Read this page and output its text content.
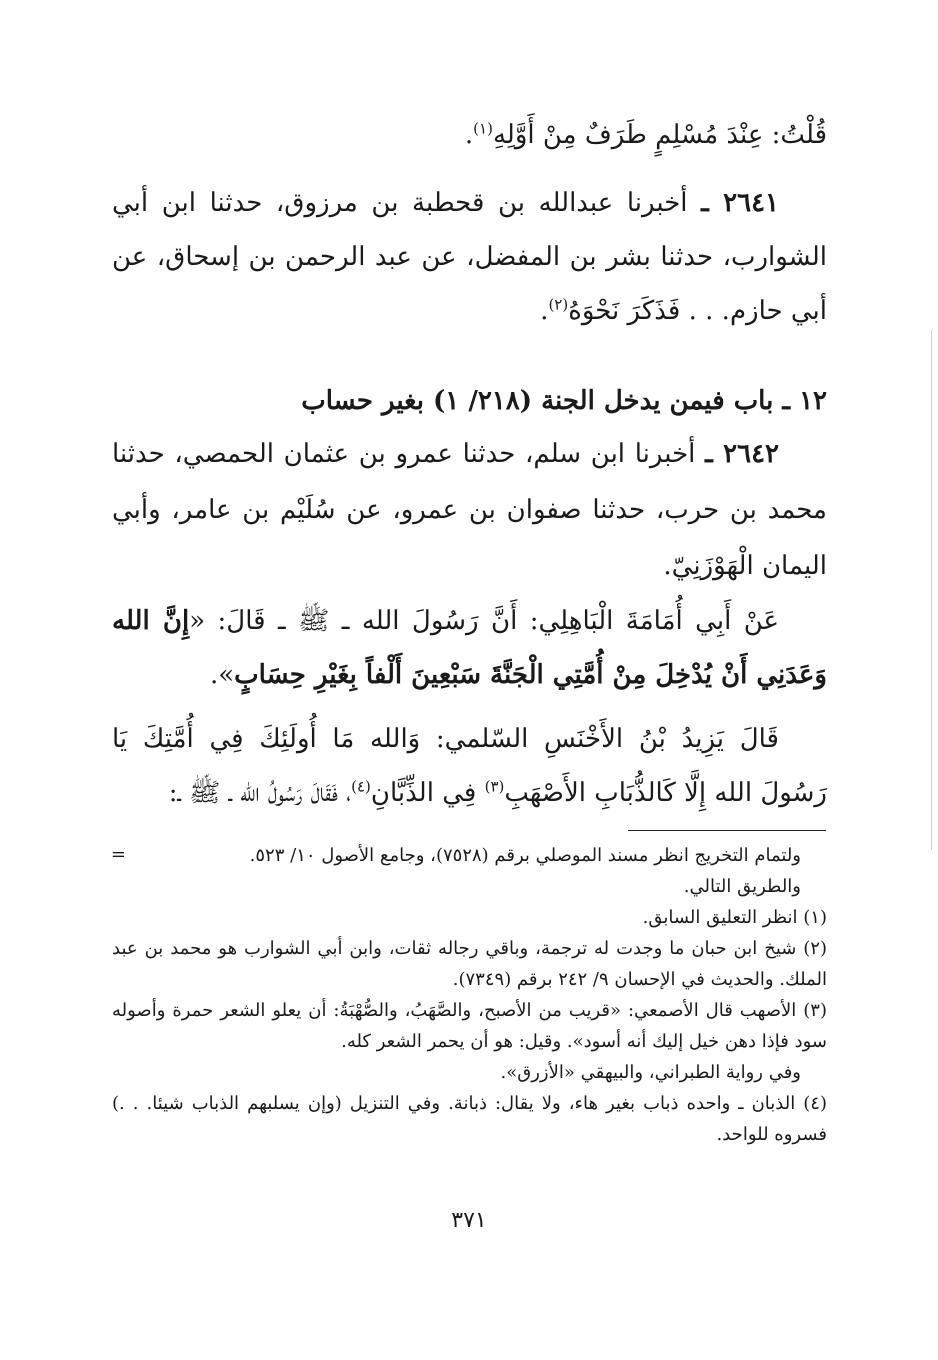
قُلْتُ: عِنْدَ مُسْلِمٍ طَرَفٌ مِنْ أَوَّلِهِ$^{(١)}$.
٢٦٤١ ـ أخبرنا عبدالله بن قحطبة بن مرزوق، حدثنا ابن أبي الشوارب، حدثنا بشر بن المفضل، عن عبد الرحمن بن إسحاق، عن أبي حازم. . . فَذَكَرَ نَحْوَهُ$^{(٢)}$.
١٢ ـ باب فيمن يدخل الجنة (٢١٨/ ١) بغير حساب
٢٦٤٢ ـ أخبرنا ابن سلم، حدثنا عمرو بن عثمان الحمصي، حدثنا محمد بن حرب، حدثنا صفوان بن عمرو، عن سُلَيْم بن عامر، وأبي اليمان الْهَوْزَنِيّ.
عَنْ أَبِي أُمَامَةَ الْبَاهِلِي: أَنَّ رَسُولَ الله ـ ﷺ ـ قَالَ: «إِنَّ الله وَعَدَنِي أَنْ يُدْخِلَ مِنْ أُمَّتِي الْجَنَّةَ سَبْعِينَ أَلْفاً بِغَيْرِ حِسَابٍ».
قَالَ يَزِيدُ بْنُ الأَخْنَسِ السّلمي: وَالله مَا أُولَئِكَ فِي أُمَّتِكَ يَا رَسُولَ الله إِلَّا كَالذُّبَابِ الأَصْهَبِ$^{(٣)}$ فِي الذِّبَّانِ$^{(٤)}$، فَقَالَ رَسُولُ الله ـ ﷺ ـ:
=	ولتمام التخريج انظر مسند الموصلي برقم (٧٥٢٨)، وجامع الأصول ١٠/ ٥٢٣.

والطريق التالي.

(١) انظر التعليق السابق.

(٢) شيخ ابن حبان ما وجدت له ترجمة، وباقي رجاله ثقات، وابن أبي الشوارب هو محمد بن عبد الملك. والحديث في الإحسان ٩/ ٢٤٢ برقم (٧٣٤٩).

(٣) الأصهب قال الأصمعي: «قريب من الأصبح، والصَّهَبُ، والصُّهْبَةُ: أن يعلو الشعر حمرة وأصوله سود فإذا دهن خيل إليك أنه أسود». وقيل: هو أن يحمر الشعر كله.

وفي رواية الطبراني، والبيهقي «الأزرق».

(٤) الذبان ـ واحده ذباب بغير هاء، ولا يقال: ذبانة. وفي التنزيل (وإن يسلبهم الذباب شيئا. . .) فسروه للواحد.

٣٧١
